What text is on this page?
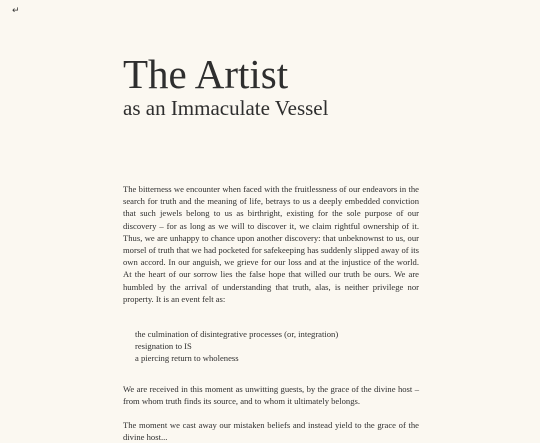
↵
The Artist
as an Immaculate Vessel

The bitterness we encounter when faced with the fruitlessness of our endeavors in the search for truth and the meaning of life, betrays to us a deeply embedded conviction that such jewels belong to us as birthright, existing for the sole purpose of our discovery – for as long as we will to discover it, we claim rightful ownership of it. Thus, we are unhappy to chance upon another discovery: that unbeknownst to us, our morsel of truth that we had pocketed for safekeeping has suddenly slipped away of its own accord. In our anguish, we grieve for our loss and at the injustice of the world. At the heart of our sorrow lies the false hope that willed our truth be ours. We are humbled by the arrival of understanding that truth, alas, is neither privilege nor property. It is an event felt as:

the culmination of disintegrative processes (or, integration)
resignation to IS
a piercing return to wholeness

We are received in this moment as unwitting guests, by the grace of the divine host – from whom truth finds its source, and to whom it ultimately belongs.

The moment we cast away our mistaken beliefs and instead yield to the grace of the divine host...
